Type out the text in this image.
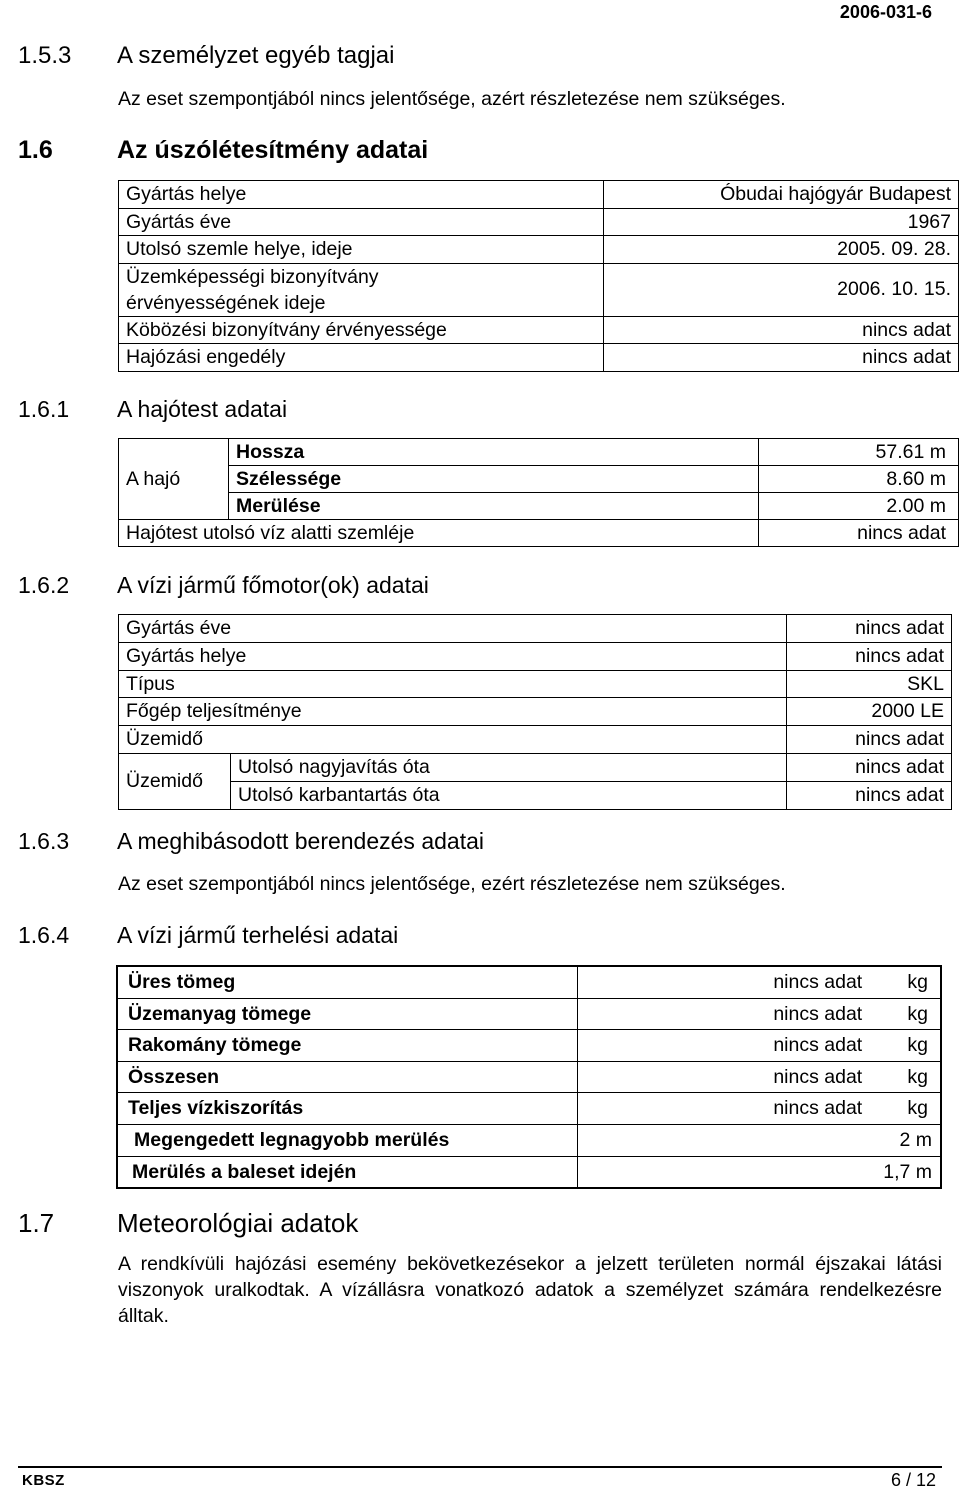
2006-031-6
1.5.3 A személyzet egyéb tagjai
Az eset szempontjából nincs jelentősége, azért részletezése nem szükséges.
1.6	Az úszólétesítmény adatai
Gyártás helye	Óbudai hajógyár Budapest
Gyártás éve	1967
Utolsó szemle helye, ideje	2005. 09. 28.

Üzemképességi bizonyítvány
érvényességének ideje	2006. 10. 15.
Köbözési bizonyítvány érvényessége	nincs adat
Hajózási engedély	nincs adat
1.6.1 A hajótest adatai
A hajó	Hossza	57.61 m
	Szélessége	8.60 m
	Merülése	2.00 m
Hajótest utolsó víz alatti szemléje		nincs adat
1.6.2 A vízi jármű főmotor(ok) adatai
Gyártás éve		nincs adat
Gyártás helye		nincs adat
Típus		SKL
Főgép teljesítménye		2000 LE
Üzemidő		nincs adat
Üzemidő	Utolsó nagyjavítás óta	nincs adat
	Utolsó karbantartás óta	nincs adat
1.6.3 A meghibásodott berendezés adatai
Az eset szempontjából nincs jelentősége, ezért részletezése nem szükséges.
1.6.4 A vízi jármű terhelési adatai
Üres tömeg	nincs adat	kg
Üzemanyag tömege	nincs adat	kg
Rakomány tömege	nincs adat	kg
Összesen	nincs adat	kg
Teljes vízkiszorítás	nincs adat	kg
Megengedett legnagyobb merülés		2 m
Merülés a baleset idején		1,7 m
1.7 Meteorológiai adatok
A rendkívüli hajózási esemény bekövetkezésekor a jelzett területen normál éjszakai látási viszonyok uralkodtak. A vízállásra vonatkozó adatok a személyzet számára rendelkezésre álltak.
KBSZ	6 / 12
